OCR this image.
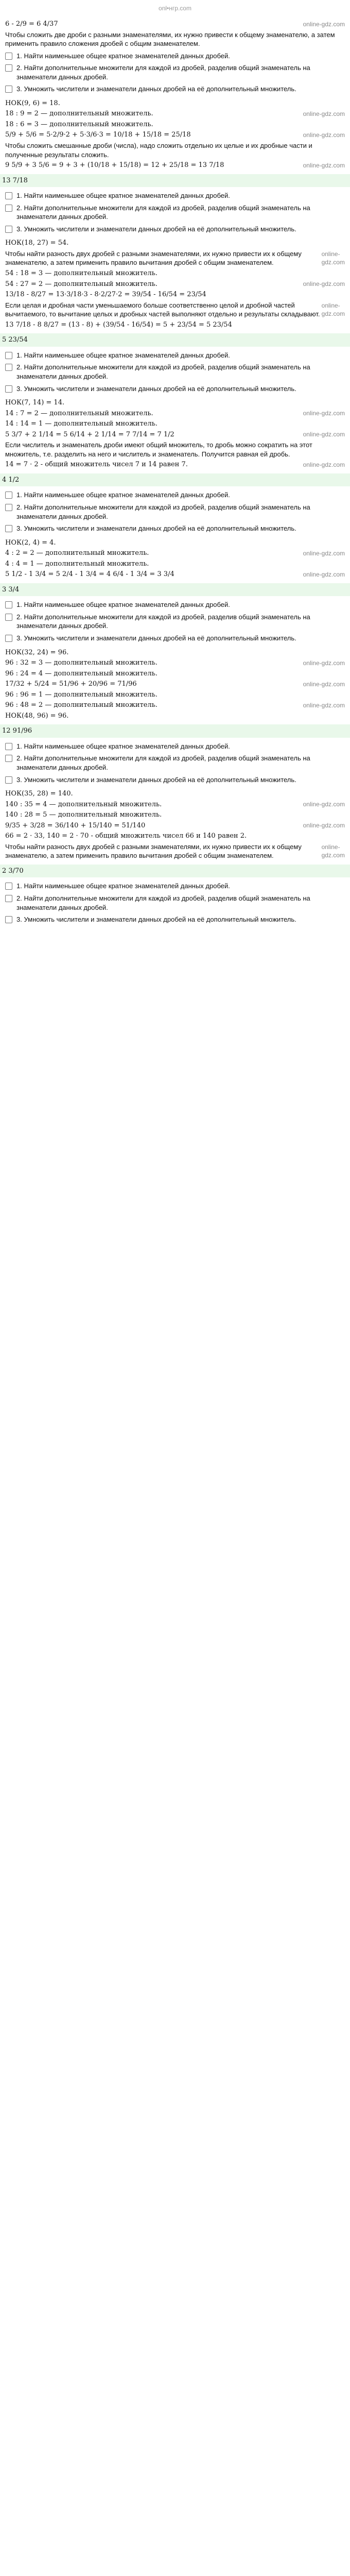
onl•нгр.com
6 - 2/9 = 6 4/37	online-gdz.com
Чтобы сложить две дроби с разными знаменателями, их нужно привести к общему знаменателю, а затем применить правило сложения дробей с общим знаменателем.
1. Найти наименьшее общее кратное знаменателей данных дробей.
2. Найти дополнительные множители для каждой из дробей, разделив общий знаменатель на знаменатели данных дробей.
3. Умножить числители и знаменатели данных дробей на её дополнительный множитель.
НОК(9, 6) = 18.
18 : 9 = 2 — дополнительный множитель.	online-gdz.com
18 : 6 = 3 — дополнительный множитель.
5/9 + 5/6 = 5·2/9·2 + 5·3/6·3 = 10/18 + 15/18 = 25/18	online-gdz.com
Чтобы сложить смешанные дроби (числа), надо сложить отдельно их целые и их дробные части и полученные результаты сложить.
9 5/9 + 3 5/6 = 9 + 3 + (10/18 + 15/18) = 12 + 25/18 = 13 7/18	online-gdz.com
13 7/18
1. Найти наименьшее общее кратное знаменателей данных дробей.
2. Найти дополнительные множители для каждой из дробей, разделив общий знаменатель на знаменатели данных дробей.
3. Умножить числители и знаменатели данных дробей на её дополнительный множитель.
НОК(18, 27) = 54.
Чтобы найти разность двух дробей с разными знаменателями, их нужно привести их к общему знаменателю, а затем применить правило вычитания дробей с общим знаменателем.
online-gdz.com
54 : 18 = 3 — дополнительный множитель.
54 : 27 = 2 — дополнительный множитель.	online-gdz.com
13/18 - 8/27 = 13·3/18·3 - 8·2/27·2 = 39/54 - 16/54 = 23/54
Если целая и дробная части уменьшаемого больше соответственно целой и дробной частей вычитаемого, то вычитание целых и дробных частей выполняют отдельно и результаты складывают.
online-gdz.com
13 7/18 - 8 8/27 = (13 - 8) + (39/54 - 16/54) = 5 + 23/54 = 5 23/54
5 23/54
1. Найти наименьшее общее кратное знаменателей данных дробей.
2. Найти дополнительные множители для каждой из дробей, разделив общий знаменатель на знаменатели данных дробей.
3. Умножить числители и знаменатели данных дробей на её дополнительный множитель.
НОК(7, 14) = 14.
14 : 7 = 2 — дополнительный множитель.	online-gdz.com
14 : 14 = 1 — дополнительный множитель.
5 3/7 + 2 1/14 = 5 6/14 + 2 1/14 = 7 7/14 = 7 1/2	online-gdz.com
Если числитель и знаменатель дроби имеют общий множитель, то дробь можно сократить на этот множитель, т.е. разделить на него и числитель и знаменатель. Получится равная ей дробь.
14 = 7 · 2 - общий множитель чисел 7 и 14 равен 7.	online-gdz.com
4 1/2
1. Найти наименьшее общее кратное знаменателей данных дробей.
2. Найти дополнительные множители для каждой из дробей, разделив общий знаменатель на знаменатели данных дробей.
3. Умножить числители и знаменатели данных дробей на её дополнительный множитель.
НОК(2, 4) = 4.
4 : 2 = 2 — дополнительный множитель.	online-gdz.com
4 : 4 = 1 — дополнительный множитель.
5 1/2 - 1 3/4 = 5 2/4 - 1 3/4 = 4 6/4 - 1 3/4 = 3 3/4	online-gdz.com
3 3/4
1. Найти наименьшее общее кратное знаменателей данных дробей.
2. Найти дополнительные множители для каждой из дробей, разделив общий знаменатель на знаменатели данных дробей.
3. Умножить числители и знаменатели данных дробей на её дополнительный множитель.
НОК(32, 24) = 96.
96 : 32 = 3 — дополнительный множитель.	online-gdz.com
96 : 24 = 4 — дополнительный множитель.
17/32 + 5/24 = 51/96 + 20/96 = 71/96	online-gdz.com
96 : 96 = 1 — дополнительный множитель.
96 : 48 = 2 — дополнительный множитель.	online-gdz.com
НОК(48, 96) = 96.
12 91/96
1. Найти наименьшее общее кратное знаменателей данных дробей.
2. Найти дополнительные множители для каждой из дробей, разделив общий знаменатель на знаменатели данных дробей.
3. Умножить числители и знаменатели данных дробей на её дополнительный множитель.
НОК(35, 28) = 140.
140 : 35 = 4 — дополнительный множитель.	online-gdz.com
140 : 28 = 5 — дополнительный множитель.
9/35 + 3/28 = 36/140 + 15/140 = 51/140	online-gdz.com
66 = 2 · 33, 140 = 2 · 70 - общий множитель чисел 66 и 140 равен 2.
Чтобы найти разность двух дробей с разными знаменателями, их нужно привести их к общему знаменателю, а затем применить правило вычитания дробей с общим знаменателем.
online-gdz.com
2 3/70
1. Найти наименьшее общее кратное знаменателей данных дробей.
2. Найти дополнительные множители для каждой из дробей, разделив общий знаменатель на знаменатели данных дробей.
3. Умножить числители и знаменатели данных дробей на её дополнительный множитель.
